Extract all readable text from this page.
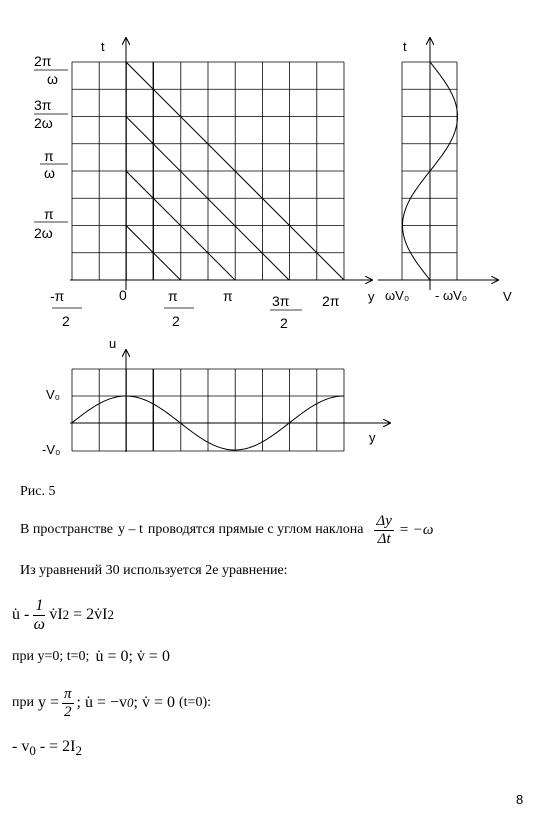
t	t
y	V
u
y
2π
ω
3π
2ω
π
ω
π
2ω
-π
2
0	π
2
π	3π
2
2π	ωV₀ - ωV₀
V₀
-V₀
Рис. 5
В пространстве y – t проводятся прямые с углом наклона $\frac{\Delta y}{\Delta t} = -\omega$
Из уравнений 30 используется 2е уравнение:
u̇ - $\frac{1}{\omega}$ v̇I 2 = 2v̇I 2
при y=0; t=0; u̇ = 0; v̇ = 0
при $y = \frac{\pi}{2}$ ; u̇ = −v 0 ; v̇ = 0 (t=0):
- $v_0$ - = $2I_2$
8
